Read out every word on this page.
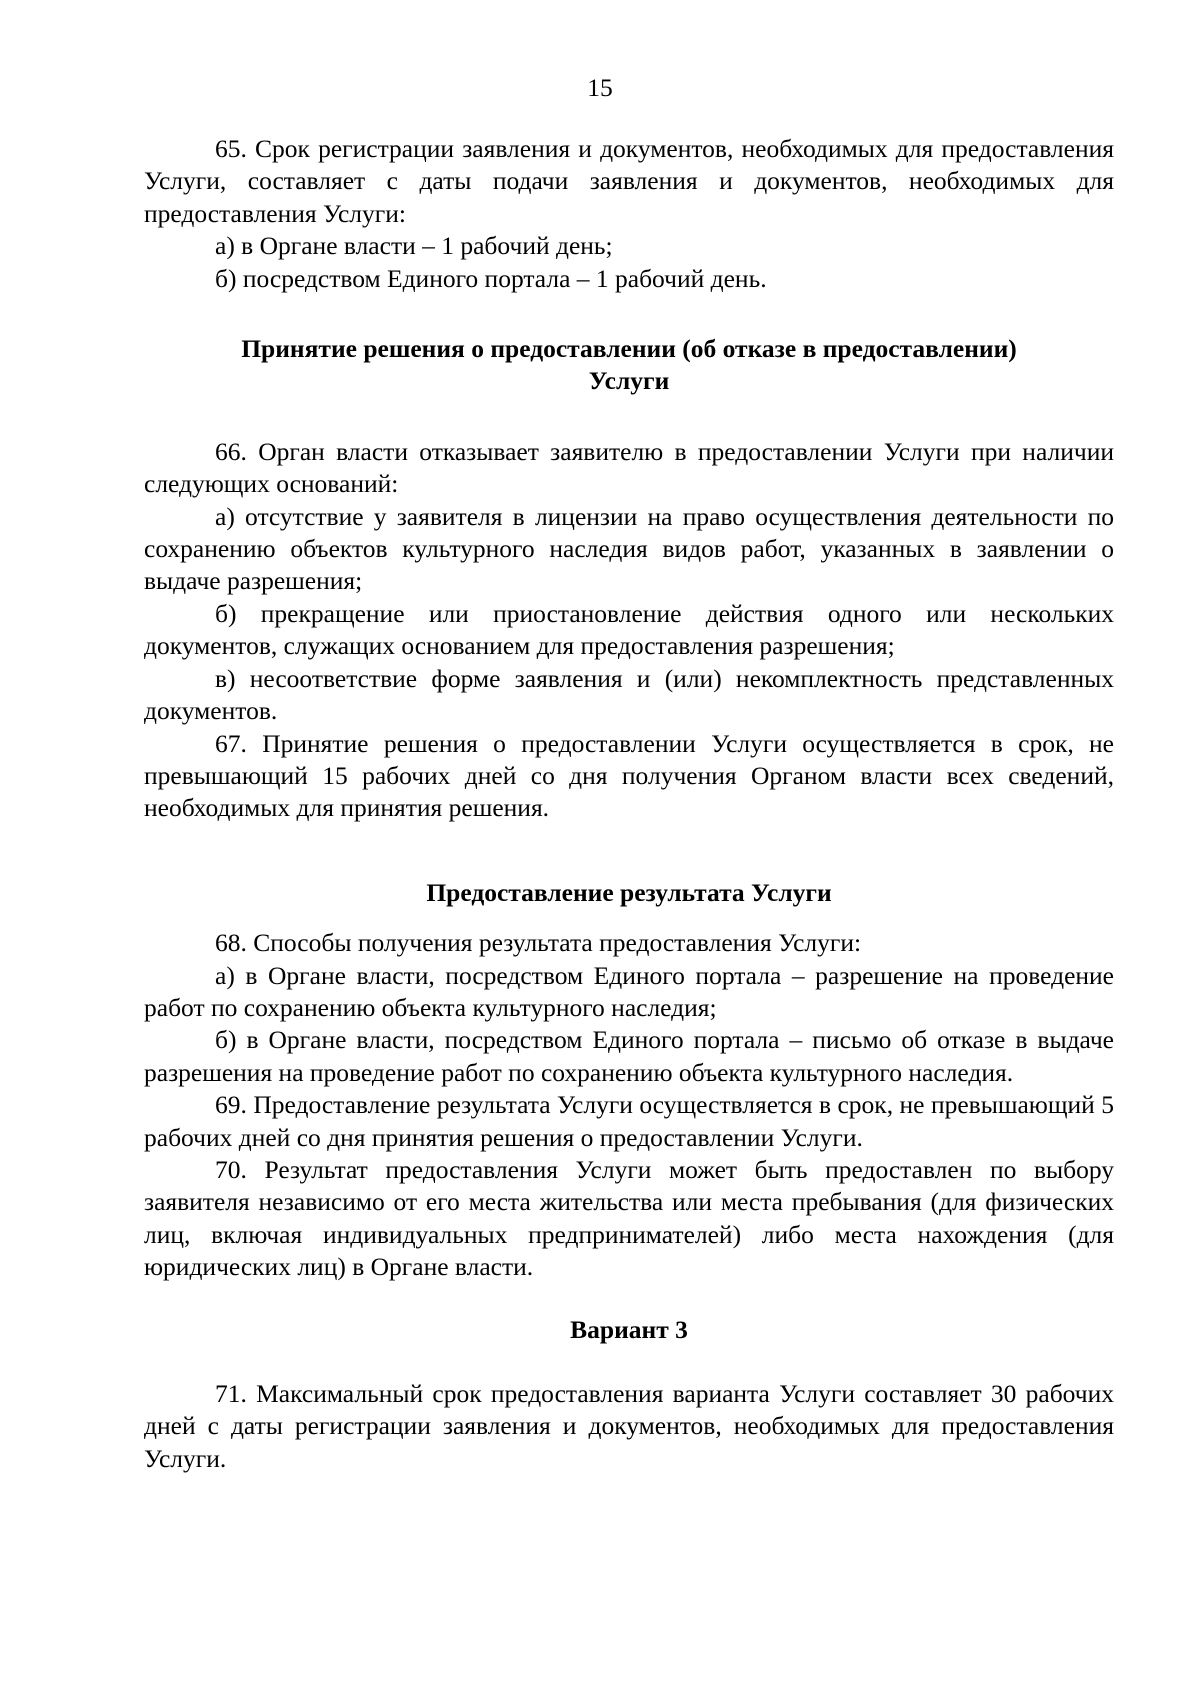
15

65. Срок регистрации заявления и документов, необходимых для предоставления Услуги, составляет с даты подачи заявления и документов, необходимых для предоставления Услуги:

а) в Органе власти – 1 рабочий день;

б) посредством Единого портала – 1 рабочий день.

Принятие решения о предоставлении (об отказе в предоставлении)
Услуги

66. Орган власти отказывает заявителю в предоставлении Услуги при наличии следующих оснований:

а) отсутствие у заявителя в лицензии на право осуществления деятельности по сохранению объектов культурного наследия видов работ, указанных в заявлении о выдаче разрешения;

б) прекращение или приостановление действия одного или нескольких документов, служащих основанием для предоставления разрешения;

в) несоответствие форме заявления и (или) некомплектность представленных документов.

67. Принятие решения о предоставлении Услуги осуществляется в срок, не превышающий 15 рабочих дней со дня получения Органом власти всех сведений, необходимых для принятия решения.

Предоставление результата Услуги

68. Способы получения результата предоставления Услуги:

а) в Органе власти, посредством Единого портала – разрешение на проведение работ по сохранению объекта культурного наследия;

б) в Органе власти, посредством Единого портала – письмо об отказе в выдаче разрешения на проведение работ по сохранению объекта культурного наследия.

69. Предоставление результата Услуги осуществляется в срок, не превышающий 5 рабочих дней со дня принятия решения о предоставлении Услуги.

70. Результат предоставления Услуги может быть предоставлен по выбору заявителя независимо от его места жительства или места пребывания (для физических лиц, включая индивидуальных предпринимателей) либо места нахождения (для юридических лиц) в Органе власти.

Вариант 3

71. Максимальный срок предоставления варианта Услуги составляет 30 рабочих дней с даты регистрации заявления и документов, необходимых для предоставления Услуги.
